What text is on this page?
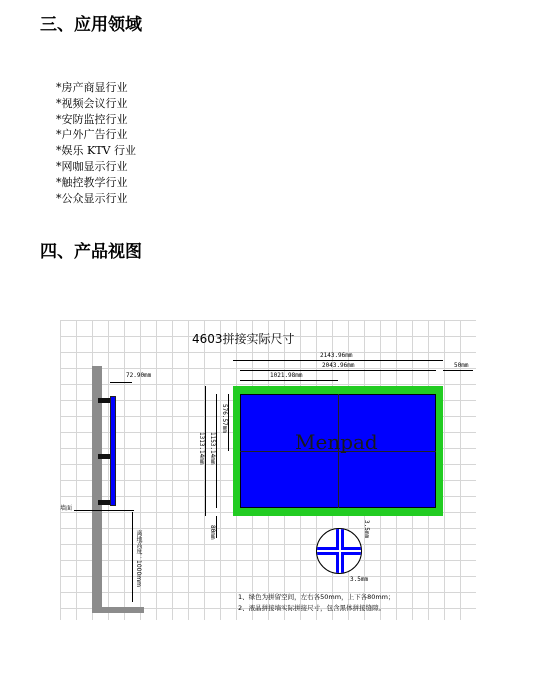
三、应用领域
*房产商显行业
*视频会议行业
*安防监控行业
*户外广告行业
*娱乐 KTV 行业
*网咖显示行业
*触控教学行业
*公众显示行业
四、产品视图
4603拼接实际尺寸
72.90mm
墙面
离地高度：1000mm
Menpad
2143.96mm
2043.96mm
1021.98mm
50mm
1313.14mm 1153.14mm
576.57mm
80mm	3.5mm
3.5mm
1、绿色为拼留空间，左右各50mm，上下各80mm；
2、液晶拼接墙实际拼接尺寸，包含黑体拼接缝隙。
